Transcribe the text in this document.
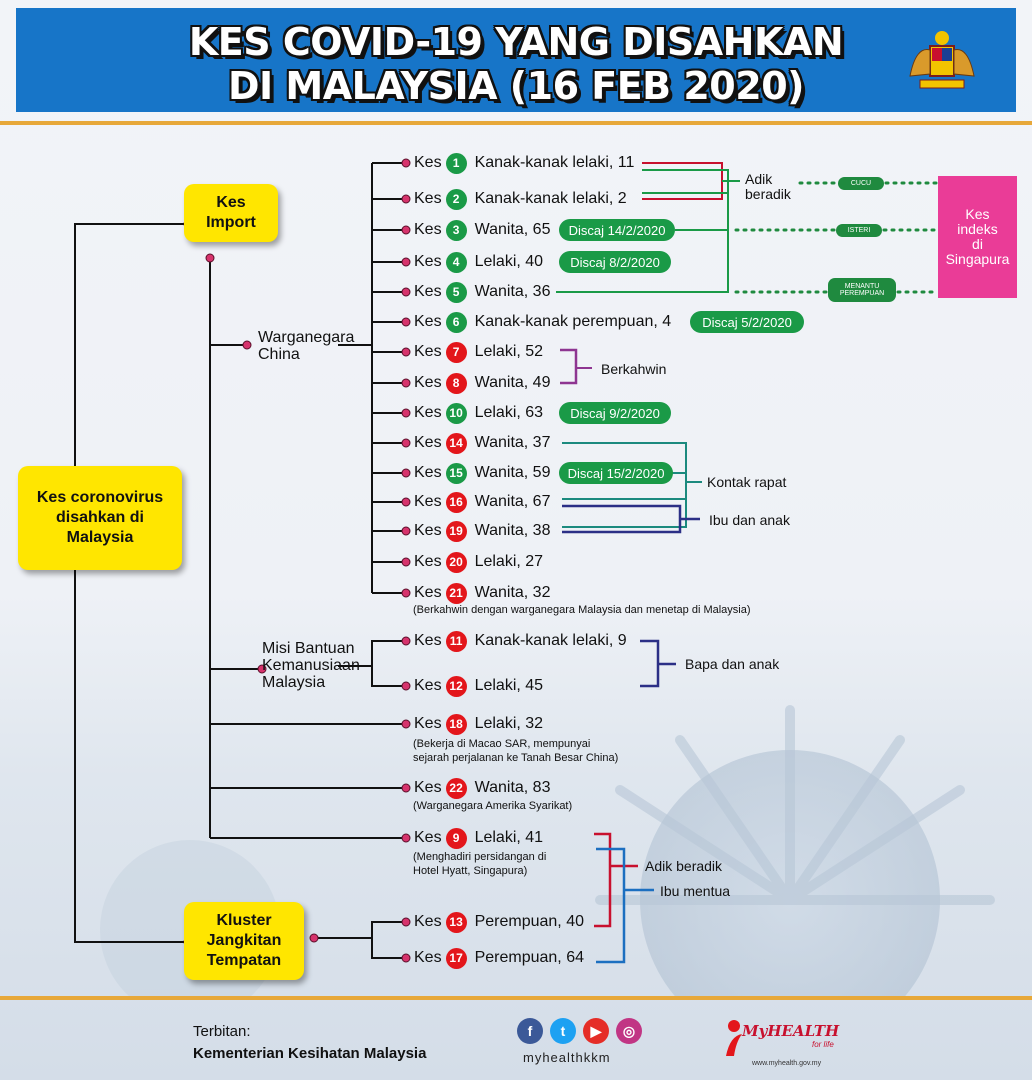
KES COVID-19 YANG DISAHKAN
DI MALAYSIA (16 FEB 2020)
Kes coronovirus
disahkan di
Malaysia
Kes
Import
Kluster
Jangkitan
Tempatan
Warganegara
China
Misi Bantuan
Kemanusiaan
Malaysia
Kes 1 Kanak-kanak lelaki, 11
Kes 2 Kanak-kanak lelaki, 2
Kes 3 Wanita, 65
Kes 4 Lelaki, 40
Kes 5 Wanita, 36
Kes 6 Kanak-kanak perempuan, 4
Kes 7 Lelaki, 52
Kes 8 Wanita, 49
Kes 10 Lelaki, 63
Kes 14 Wanita, 37
Kes 15 Wanita, 59
Kes 16 Wanita, 67
Kes 19 Wanita, 38
Kes 20 Lelaki, 27
Kes 21 Wanita, 32
Kes 11 Kanak-kanak lelaki, 9
Kes 12 Lelaki, 45
Kes 18 Lelaki, 32
Kes 22 Wanita, 83
Kes 9 Lelaki, 41
Kes 13 Perempuan, 40
Kes 17 Perempuan, 64
Discaj 14/2/2020
Discaj 8/2/2020
Discaj 5/2/2020
Discaj 9/2/2020
Discaj 15/2/2020
(Berkahwin dengan warganegara Malaysia dan menetap di Malaysia)
(Bekerja di Macao SAR, mempunyai
sejarah perjalanan ke Tanah Besar China)
(Warganegara Amerika Syarikat)
(Menghadiri persidangan di
Hotel Hyatt, Singapura)
Adik
beradik
Berkahwin
Kontak rapat
Ibu dan anak
Bapa dan anak
Adik beradik
Ibu mentua
CUCU
ISTERI
MENANTU
PEREMPUAN
Kes
indeks
di
Singapura
Terbitan:
Kementerian Kesihatan Malaysia
f	t	▶	◎
myhealthkkm
MyHEALTH
for life
www.myhealth.gov.my
